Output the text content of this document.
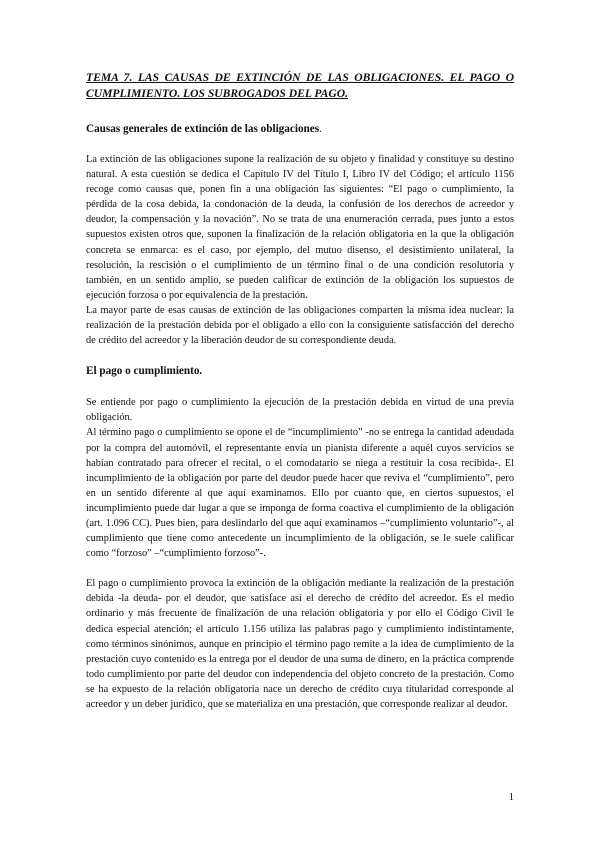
TEMA 7. LAS CAUSAS DE EXTINCIÓN DE LAS OBLIGACIONES. EL PAGO O CUMPLIMIENTO. LOS SUBROGADOS DEL PAGO.
Causas generales de extinción de las obligaciones.

La extinción de las obligaciones supone la realización de su objeto y finalidad y constituye su destino natural. A esta cuestión se dedica el Capítulo IV del Título I, Libro IV del Código; el artículo 1156 recoge como causas que, ponen fin a una obligación las siguientes: “El pago o cumplimiento, la pérdida de la cosa debida, la condonación de la deuda, la confusión de los derechos de acreedor y deudor, la compensación y la novación”. No se trata de una enumeración cerrada, pues junto a estos supuestos existen otros que, suponen la finalización de la relación obligatoria en la que la obligación concreta se enmarca: es el caso, por ejemplo, del mutuo disenso, el desistimiento unilateral, la resolución, la rescisión o el cumplimiento de un término final o de una condición resolutoria y también, en un sentido amplio, se pueden calificar de extinción de la obligación los supuestos de ejecución forzosa o por equivalencia de la prestación.

La mayor parte de esas causas de extinción de las obligaciones comparten la misma idea nuclear: la realización de la prestación debida por el obligado a ello con la consiguiente satisfacción del derecho de crédito del acreedor y la liberación deudor de su correspondiente deuda.

El pago o cumplimiento.

Se entiende por pago o cumplimiento la ejecución de la prestación debida en virtud de una previa obligación.

Al término pago o cumplimiento se opone el de “incumplimiento” -no se entrega la cantidad adeudada por la compra del automóvil, el representante envía un pianista diferente a aquél cuyos servicios se habían contratado para ofrecer el recital, o el comodatario se niega a restituir la cosa recibida-. El incumplimiento de la obligación por parte del deudor puede hacer que reviva el “cumplimiento”, pero en un sentido diferente al que aquí examinamos. Ello por cuanto que, en ciertos supuestos, el incumplimiento puede dar lugar a que se imponga de forma coactiva el cumplimiento de la obligación (art. 1.096 CC). Pues bien, para deslindarlo del que aquí examinamos –“cumplimiento voluntario”-, al cumplimiento que tiene como antecedente un incumplimiento de la obligación, se le suele calificar como “forzoso” –“cumplimiento forzoso”-.

El pago o cumplimiento provoca la extinción de la obligación mediante la realización de la prestación debida -la deuda- por el deudor, que satisface así el derecho de crédito del acreedor. Es el medio ordinario y más frecuente de finalización de una relación obligatoria y por ello el Código Civil le dedica especial atención; el artículo 1.156 utiliza las palabras pago y cumplimiento indistintamente, como términos sinónimos, aunque en principio el término pago remite a la idea de cumplimiento de la prestación cuyo contenido es la entrega por el deudor de una suma de dinero, en la práctica comprende todo cumplimiento por parte del deudor con independencia del objeto concreto de la prestación. Como se ha expuesto de la relación obligatoria nace un derecho de crédito cuya titularidad corresponde al acreedor y un deber jurídico, que se materializa en una prestación, que corresponde realizar al deudor.

1
